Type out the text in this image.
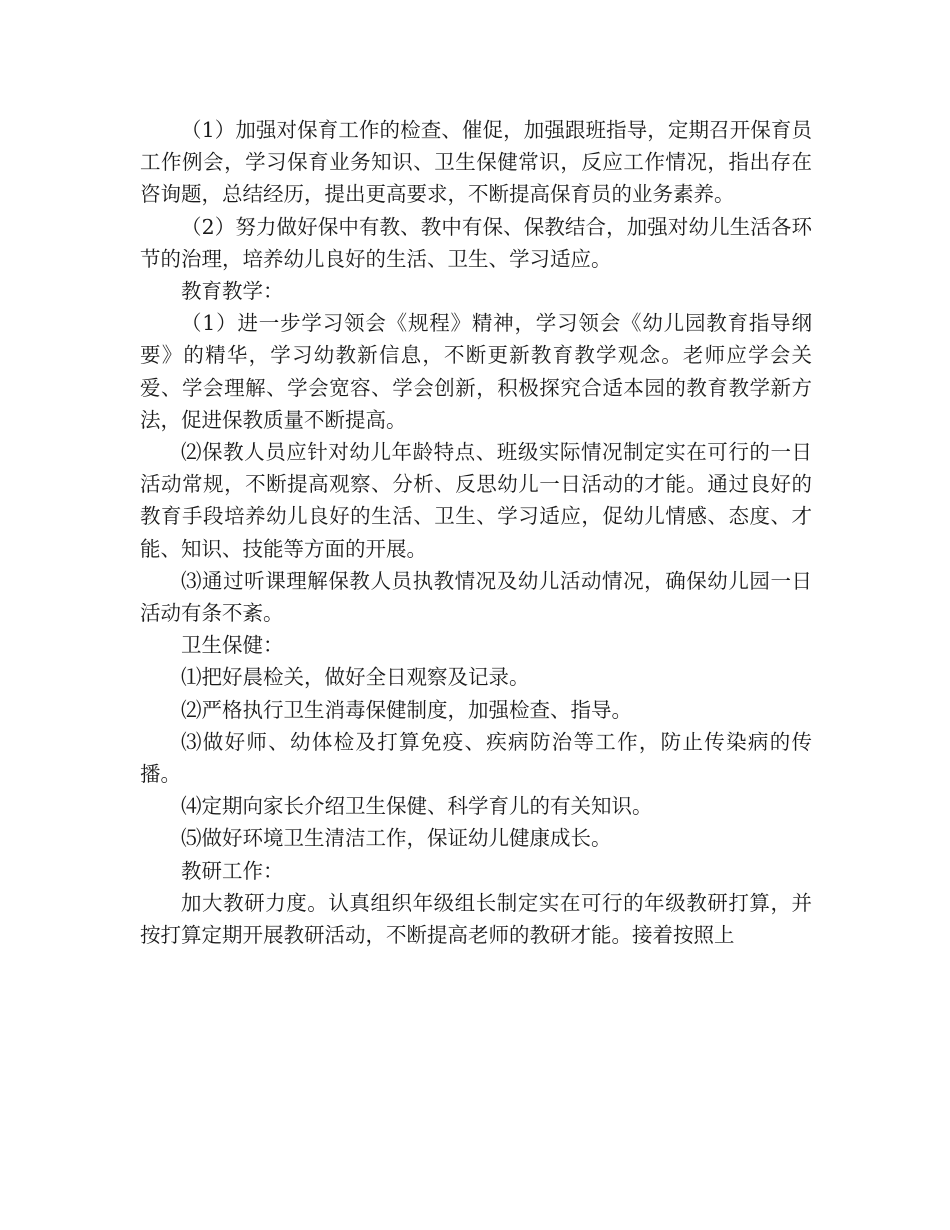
（1）加强对保育工作的检查、催促，加强跟班指导，定期召开保育员工作例会，学习保育业务知识、卫生保健常识，反应工作情况，指出存在咨询题，总结经历，提出更高要求，不断提高保育员的业务素养。

（2）努力做好保中有教、教中有保、保教结合，加强对幼儿生活各环节的治理，培养幼儿良好的生活、卫生、学习适应。

教育教学：

（1）进一步学习领会《规程》精神，学习领会《幼儿园教育指导纲要》的精华，学习幼教新信息，不断更新教育教学观念。老师应学会关爱、学会理解、学会宽容、学会创新，积极探究合适本园的教育教学新方法，促进保教质量不断提高。

⑵保教人员应针对幼儿年龄特点、班级实际情况制定实在可行的一日活动常规，不断提高观察、分析、反思幼儿一日活动的才能。通过良好的教育手段培养幼儿良好的生活、卫生、学习适应，促幼儿情感、态度、才能、知识、技能等方面的开展。

⑶通过听课理解保教人员执教情况及幼儿活动情况，确保幼儿园一日活动有条不紊。

卫生保健：

⑴把好晨检关，做好全日观察及记录。

⑵严格执行卫生消毒保健制度，加强检查、指导。

⑶做好师、幼体检及打算免疫、疾病防治等工作，防止传染病的传播。

⑷定期向家长介绍卫生保健、科学育儿的有关知识。

⑸做好环境卫生清洁工作，保证幼儿健康成长。

教研工作：

加大教研力度。认真组织年级组长制定实在可行的年级教研打算，并按打算定期开展教研活动，不断提高老师的教研才能。接着按照上
